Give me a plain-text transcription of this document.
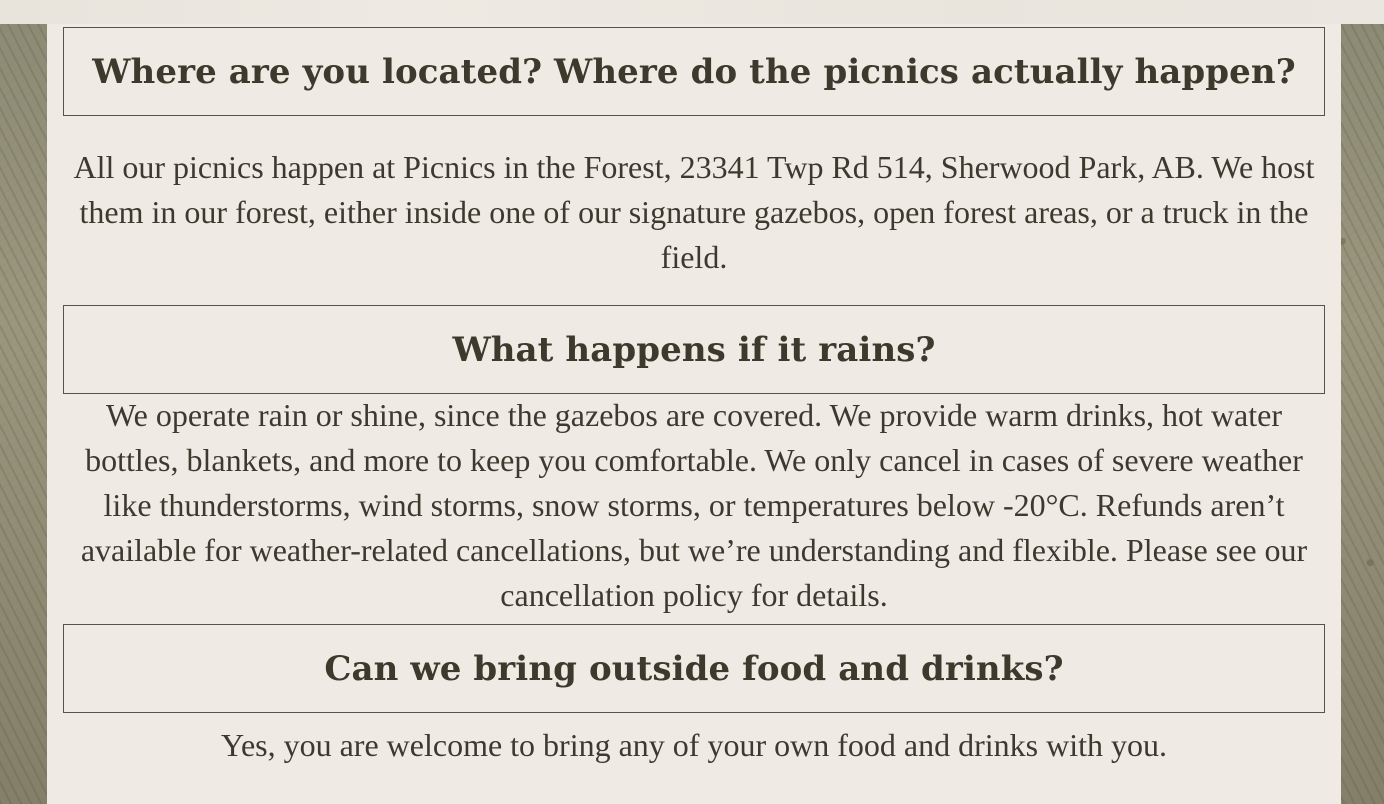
Where are you located? Where do the picnics actually happen?

All our picnics happen at Picnics in the Forest, 23341 Twp Rd 514, Sherwood Park, AB. We host them in our forest, either inside one of our signature gazebos, open forest areas, or a truck in the field.

What happens if it rains?

We operate rain or shine, since the gazebos are covered. We provide warm drinks, hot water bottles, blankets, and more to keep you comfortable. We only cancel in cases of severe weather like thunderstorms, wind storms, snow storms, or temperatures below -20°C. Refunds aren’t available for weather-related cancellations, but we’re understanding and flexible. Please see our cancellation policy for details.

Can we bring outside food and drinks?

Yes, you are welcome to bring any of your own food and drinks with you.
